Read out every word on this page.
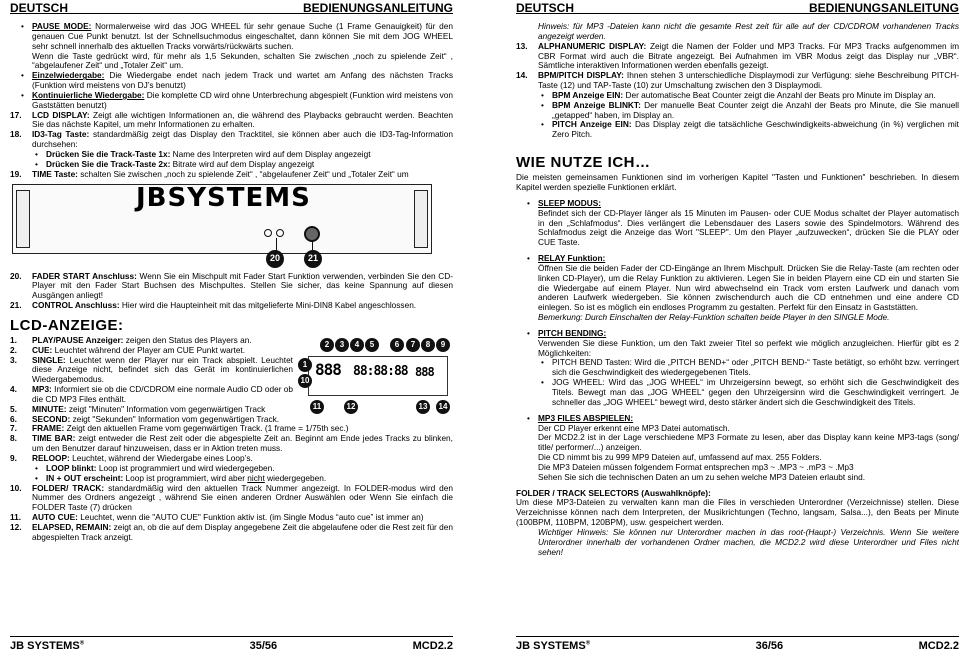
DEUTSCH	BEDIENUNGSANLEITUNG

• PAUSE MODE: Normalerweise wird das JOG WHEEL für sehr genaue Suche (1 Frame Genauigkeit) für den genauen Cue Punkt benutzt. Ist der Schnellsuchmodus eingeschaltet, dann können Sie mit dem JOG WHEEL sehr schnell innerhalb des aktuellen Tracks vorwärts/rückwärts suchen.

Wenn die Taste gedrückt wird, für mehr als 1,5 Sekunden, schalten Sie zwischen „noch zu spielende Zeit“ , “abgelaufener Zeit“ und „Totaler Zeit“ um.

• Einzelwiedergabe: Die Wiedergabe endet nach jedem Track und wartet am Anfang des nächsten Tracks (Funktion wird meistens von DJ’s benutzt)

• Kontinuierliche Wiedergabe: Die komplette CD wird ohne Unterbrechung abgespielt (Funktion wird meistens von Gaststätten benutzt)

17. LCD DISPLAY: Zeigt alle wichtigen Informationen an, die während des Playbacks gebraucht werden. Beachten Sie das nächste Kapitel, um mehr Informationen zu erhalten.

18. ID3-Tag Taste: standardmäßig zeigt das Display den Tracktitel, sie können aber auch die ID3-Tag-Information durchsehen:

• Drücken Sie die Track-Taste 1x: Name des Interpreten wird auf dem Display angezeigt

• Drücken Sie die Track-Taste 2x: Bitrate wird auf dem Display angezeigt

19. TIME Taste: schalten Sie zwischen „noch zu spielende Zeit“ , “abgelaufener Zeit“ und „Totaler Zeit“ um

JBSYSTEMS
20	21

20. FADER START Anschluss: Wenn Sie ein Mischpult mit Fader Start Funktion verwenden, verbinden Sie den CD-Player mit den Fader Start Buchsen des Mischpultes. Stellen Sie sicher, das keine Spannung auf diesen Ausgängen anliegt!

21. CONTROL Anschluss: Hier wird die Haupteinheit mit das mitgelieferte Mini-DIN8 Kabel angeschlossen.

LCD-ANZEIGE:
888 88:88:88 888
2	3	4	5	6	7	8	9
1
10
11	12	13	14

1. PLAY/PAUSE Anzeiger: zeigen den Status des Players an.

2. CUE: Leuchtet während der Player am CUE Punkt wartet.

3. SINGLE: Leuchtet wenn der Player nur ein Track abspielt. Leuchtet diese Anzeige nicht, befindet sich das Gerät im kontinuierlichen Wiedergabemodus.

4. MP3: Informiert sie ob die CD/CDROM eine normale Audio CD oder ob die CD MP3 Files enthält.

5. MINUTE: zeigt "Minuten" Information vom gegenwärtigen Track

6. SECOND: zeigt "Sekunden" Information vom gegenwärtigen Track.

7. FRAME: Zeigt den aktuellen Frame vom gegenwärtigen Track. (1 frame = 1/75th sec.)

8. TIME BAR: zeigt entweder die Rest zeit oder die abgespielte Zeit an. Beginnt am Ende jedes Tracks zu blinken, um den Benutzer darauf hinzuweisen, dass er in Aktion treten muss.

9. RELOOP: Leuchtet, während der Wiedergabe eines Loop’s.

• LOOP blinkt: Loop ist programmiert und wird wiedergegeben.

• IN + OUT erscheint: Loop ist programmiert, wird aber nicht wiedergegeben.

10. FOLDER/ TRACK: standardmäßig wird den aktuellen Track Nummer angezeigt. In FOLDER-modus wird den Nummer des Ordners angezeigt , während Sie einen anderen Ordner Auswählen oder Wenn Sie einfach die FOLDER Taste (7) drücken

11. AUTO CUE: Leuchtet, wenn die "AUTO CUE" Funktion aktiv ist. (im Single Modus “auto cue” ist immer an)

12. ELAPSED, REMAIN: zeigt an, ob die auf dem Display angegebene Zeit die abgelaufene oder die Rest zeit für den abgespielten Track anzeigt.

JB SYSTEMS®	35/56	MCD2.2
DEUTSCH	BEDIENUNGSANLEITUNG

Hinweis: für MP3 -Dateien kann nicht die gesamte Rest zeit für alle auf der CD/CDROM vorhandenen Tracks angezeigt werden.

13. ALPHANUMERIC DISPLAY: Zeigt die Namen der Folder und MP3 Tracks. Für MP3 Tracks aufgenommen im CBR Format wird auch die Bitrate angezeigt. Bei Aufnahmen im VBR Modus zeigt das Display nur „VBR“. Sämtliche interaktiven Informationen werden ebenfalls gezeigt.

14. BPM/PITCH DISPLAY: Ihnen stehen 3 unterschiedliche Displaymodi zur Verfügung: siehe Beschreibung PITCH-Taste (12) und TAP-Taste (10) zur Umschaltung zwischen den 3 Displaymodi.

• BPM Anzeige EIN: Der automatische Beat Counter zeigt die Anzahl der Beats pro Minute im Display an.

• BPM Anzeige BLINKT: Der manuelle Beat Counter zeigt die Anzahl der Beats pro Minute, die Sie manuell „getapped“ haben, im Display an.

• PITCH Anzeige EIN: Das Display zeigt die tatsächliche Geschwindigkeits-abweichung (in %) verglichen mit Zero Pitch.

WIE NUTZE ICH…

Die meisten gemeinsamen Funktionen sind im vorherigen Kapitel "Tasten und Funktionen" beschrieben. In diesem Kapitel werden spezielle Funktionen erklärt.

• SLEEP MODUS:

Befindet sich der CD-Player länger als 15 Minuten im Pausen- oder CUE Modus schaltet der Player automatisch in den „Schlafmodus“. Dies verlängert die Lebensdauer des Lasers sowie des Spindelmotors. Während des Schlafmodus zeigt die Anzeige das Wort "SLEEP". Um den Player „aufzuwecken“, drücken Sie die PLAY oder CUE Taste.

• RELAY Funktion:

Öffnen Sie die beiden Fader der CD-Eingänge an Ihrem Mischpult. Drücken Sie die Relay-Taste (am rechten oder linken CD-Player), um die Relay Funktion zu aktivieren. Legen Sie in beiden Playern eine CD ein und starten Sie die Wiedergabe auf einem Player. Nun wird abwechselnd ein Track vom ersten Laufwerk und danach vom anderen Laufwerk wiedergeben. Sie können zwischendurch auch die CD entnehmen und eine andere CD einlegen. So ist es möglich ein endloses Programm zu gestalten. Perfekt für den Einsatz in Gaststätten.

Bemerkung: Durch Einschalten der Relay-Funktion schalten beide Player in den SINGLE Mode.

• PITCH BENDING:

Verwenden Sie diese Funktion, um den Takt zweier Titel so perfekt wie möglich anzugleichen. Hierfür gibt es 2 Möglichkeiten:

• PITCH BEND Tasten: Wird die „PITCH BEND+“ oder „PITCH BEND-“ Taste betätigt, so erhöht bzw. verringert sich die Geschwindigkeit des wiedergegebenen Titels.

• JOG WHEEL: Wird das „JOG WHEEL“ im Uhrzeigersinn bewegt, so erhöht sich die Geschwindigkeit des Titels. Bewegt man das „JOG WHEEL“ gegen den Uhrzeigersinn wird die Geschwindigkeit verringert. Je schneller das „JOG WHEEL“ bewegt wird, desto stärker ändert sich die Geschwindigkeit des Titels.

• MP3 FILES ABSPIELEN:

Der CD Player erkennt eine MP3 Datei automatisch.

Der MCD2.2 ist in der Lage verschiedene MP3 Formate zu lesen, aber das Display kann keine MP3-tags (song/ title/ performer/...) anzeigen.

Die CD nimmt bis zu 999 MP9 Dateien auf, umfassend auf max. 255 Folders.

Die MP3 Dateien müssen folgendem Format entsprechen mp3 ~ .MP3 ~ .mP3 ~ .Mp3

Sehen Sie sich die technischen Daten an um zu sehen welche MP3 Dateien erlaubt sind.

FOLDER / TRACK SELECTORS (Auswahlknöpfe):

Um diese MP3-Dateien zu verwalten kann man die Files in verschieden Unterordner (Verzeichnisse) stellen. Diese Verzeichnisse können nach dem Interpreten, der Musikrichtungen (Techno, langsam, Salsa...), den Beats per Minute (100BPM, 110BPM, 120BPM), usw. gespeichert werden.

Wichtiger Hinweis: Sie können nur Unterordner machen in das root-(Haupt-) Verzeichnis. Wenn Sie weitere Unterordner innerhalb der vorhandenen Ordner machen, die MCD2.2 wird diese Unterordner und Files nicht sehen!

JB SYSTEMS®	36/56	MCD2.2
